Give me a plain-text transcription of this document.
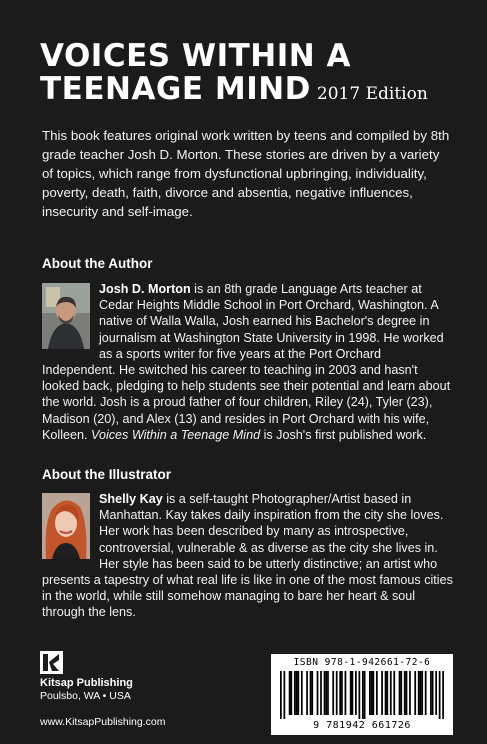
VOICES WITHIN A
TEENAGE MIND 2017 Edition
This book features original work written by teens and compiled by 8th grade teacher Josh D. Morton. These stories are driven by a variety of topics, which range from dysfunctional upbringing, individuality, poverty, death, faith, divorce and absentia, negative influences, insecurity and self-image.
About the Author
Josh D. Morton is an 8th grade Language Arts teacher at Cedar Heights Middle School in Port Orchard, Washington. A native of Walla Walla, Josh earned his Bachelor's degree in journalism at Washington State University in 1998. He worked as a sports writer for five years at the Port Orchard Independent. He switched his career to teaching in 2003 and hasn't looked back, pledging to help students see their potential and learn about the world. Josh is a proud father of four children, Riley (24), Tyler (23), Madison (20), and Alex (13) and resides in Port Orchard with his wife, Kolleen. Voices Within a Teenage Mind is Josh's first published work.
About the Illustrator
Shelly Kay is a self-taught Photographer/Artist based in Manhattan. Kay takes daily inspiration from the city she loves. Her work has been described by many as introspective, controversial, vulnerable & as diverse as the city she lives in. Her style has been said to be utterly distinctive; an artist who presents a tapestry of what real life is like in one of the most famous cities in the world, while still somehow managing to bare her heart & soul through the lens.
Kitsap Publishing
Poulsbo, WA • USA
www.KitsapPublishing.com
ISBN 978-1-942661-72-6
9 781942 661726
